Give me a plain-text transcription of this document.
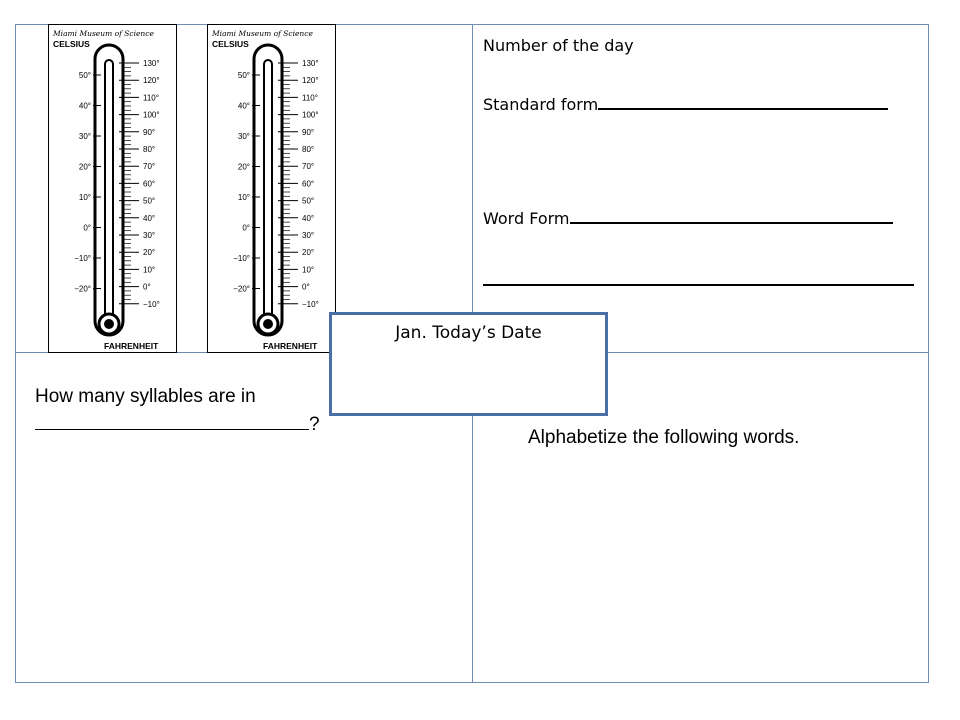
Miami Museum of Science
CELSIUS
50°
40°
30°
20°
10°
0°
−10°
−20°
130°
120°
110°
100°
90°
80°
70°
60°
50°
40°
30°
20°
10°
0°
−10°
FAHRENHEIT
Miami Museum of Science
CELSIUS
50°
40°
30°
20°
10°
0°
−10°
−20°
130°
120°
110°
100°
90°
80°
70°
60°
50°
40°
30°
20°
10°
0°
−10°
FAHRENHEIT
Number of the day
Standard form
Word Form
How many syllables are in
?
Alphabetize the following words.
Jan. Today’s Date
